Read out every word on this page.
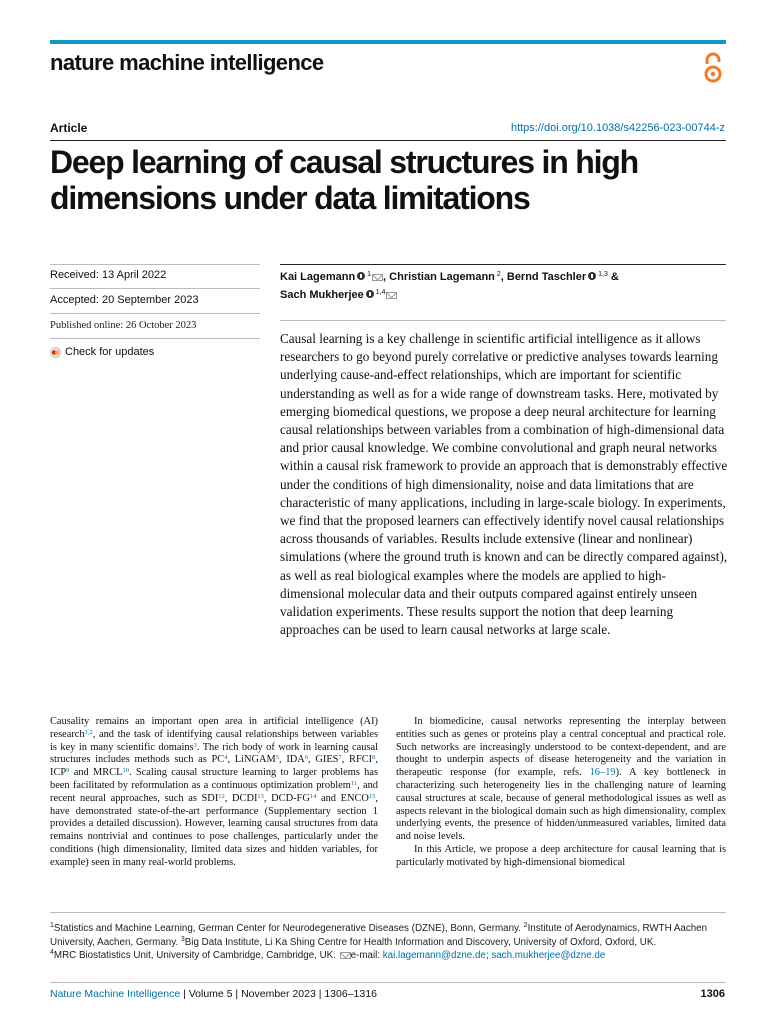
nature machine intelligence
Article	https://doi.org/10.1038/s42256-023-00744-z
Deep learning of causal structures in high dimensions under data limitations
Received: 13 April 2022
Accepted: 20 September 2023
Published online: 26 October 2023
Check for updates
Kai Lagemann $^1$ , Christian Lagemann $^2$, Bernd Taschler $^{1,3}$ &
Sach Mukherjee $^{1,4}$

Causal learning is a key challenge in scientific artificial intelligence as it allows researchers to go beyond purely correlative or predictive analyses towards learning underlying cause-and-effect relationships, which are important for scientific understanding as well as for a wide range of downstream tasks. Here, motivated by emerging biomedical questions, we propose a deep neural architecture for learning causal relationships between variables from a combination of high-dimensional data and prior causal knowledge. We combine convolutional and graph neural networks within a causal risk framework to provide an approach that is demonstrably effective under the conditions of high dimensionality, noise and data limitations that are characteristic of many applications, including in large-scale biology. In experiments, we find that the proposed learners can effectively identify novel causal relationships across thousands of variables. Results include extensive (linear and nonlinear) simulations (where the ground truth is known and can be directly compared against), as well as real biological examples where the models are applied to high-dimensional molecular data and their outputs compared against entirely unseen validation experiments. These results support the notion that deep learning approaches can be used to learn causal networks at large scale.

Causality remains an important open area in artificial intelligence (AI) research$^{1,2}$, and the task of identifying causal relationships between variables is key in many scientific domains$^3$. The rich body of work in learning causal structures includes methods such as PC$^4$, LiNGAM$^5$, IDA$^6$, GIES$^7$, RFCI$^8$, ICP$^9$ and MRCL$^{10}$. Scaling causal structure learning to larger problems has been facilitated by reformulation as a continuous optimization problem$^{11}$, and recent neural approaches, such as SDI$^{12}$, DCDI$^{13}$, DCD-FG$^{14}$ and ENCO$^{15}$, have demonstrated state-of-the-art performance (Supplementary section 1 provides a detailed discussion). However, learning causal structures from data remains nontrivial and continues to pose challenges, particularly under the conditions (high dimensionality, limited data sizes and hidden variables, for example) seen in many real-world problems.

In biomedicine, causal networks representing the interplay between entities such as genes or proteins play a central conceptual and practical role. Such networks are increasingly understood to be context-dependent, and are thought to underpin aspects of disease heterogeneity and the variation in therapeutic response (for example, refs. 16–19). A key bottleneck in characterizing such heterogeneity lies in the challenging nature of learning causal structures at scale, because of general methodological issues as well as aspects relevant in the biological domain such as high dimensionality, complex underlying events, the presence of hidden/unmeasured variables, limited data and noise levels.

In this Article, we propose a deep architecture for causal learning that is particularly motivated by high-dimensional biomedical

$^1$Statistics and Machine Learning, German Center for Neurodegenerative Diseases (DZNE), Bonn, Germany. $^2$Institute of Aerodynamics, RWTH Aachen University, Aachen, Germany. $^3$Big Data Institute, Li Ka Shing Centre for Health Information and Discovery, University of Oxford, Oxford, UK.
$^4$MRC Biostatistics Unit, University of Cambridge, Cambridge, UK. e-mail: kai.lagemann@dzne.de; sach.mukherjee@dzne.de

Nature Machine Intelligence | Volume 5 | November 2023 | 1306–1316	1306
